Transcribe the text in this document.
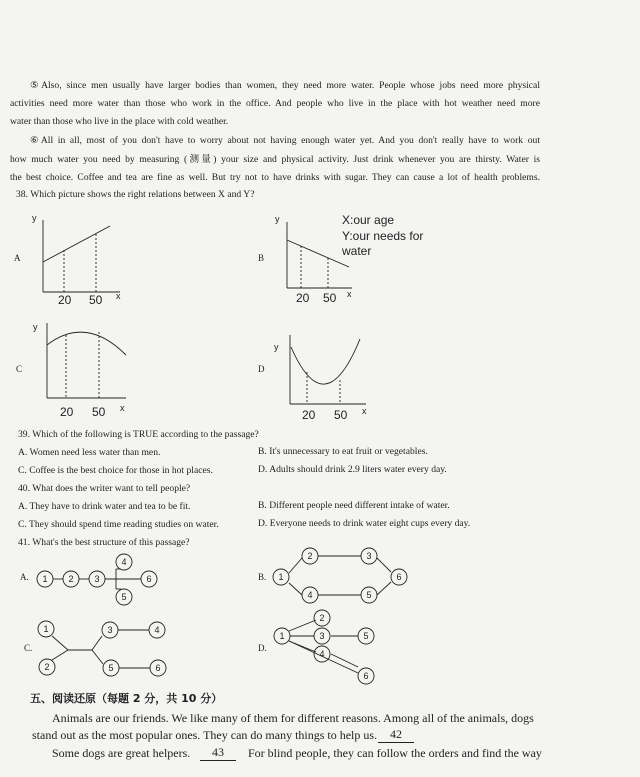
⑤Also, since men usually have larger bodies than women, they need more water. People whose jobs need more physical
activities need more water than those who work in the office. And people who live in the place with hot weather need more
water than those who live in the place with cold weather.
⑥All in all, most of you don't have to worry about not having enough water yet. And you don't really have to work out
how much water you need by measuring (测量) your size and physical activity. Just drink whenever you are thirsty. Water is
the best choice. Coffee and tea are fine as well. But try not to have drinks with sugar. They can cause a lot of health problems.
38. Which picture shows the right relations between X and Y?
A	B
C	D
y
20 50 x
y
20 50 x
X:our age
Y:our needs for
water
y
20 50 x
y
20 50 x
39. Which of the following is TRUE according to the passage?
A. Women need less water than men.	B. It's unnecessary to eat fruit or vegetables.
C. Coffee is the best choice for those in hot places.	D. Adults should drink 2.9 liters water every day.
40. What does the writer want to tell people?
A. They have to drink water and tea to be fit.	B. Different people need different intake of water.
C. They should spend time reading studies on water.	D. Everyone needs to drink water eight cups every day.
41. What's the best structure of this passage?
A.	B.
C.	D.
1 2 3
4
5
6	1
2	3
4	5
6
1
2
3	4
5	6
1
2
3
4
5
6
五、阅读还原（每题 2 分，共 10 分）
Animals are our friends. We like many of them for different reasons. Among all of the animals, dogs
stand out as the most popular ones. They can do many things to help us.	42
Some dogs are great helpers.	43	For blind people, they can follow the orders and find the way
